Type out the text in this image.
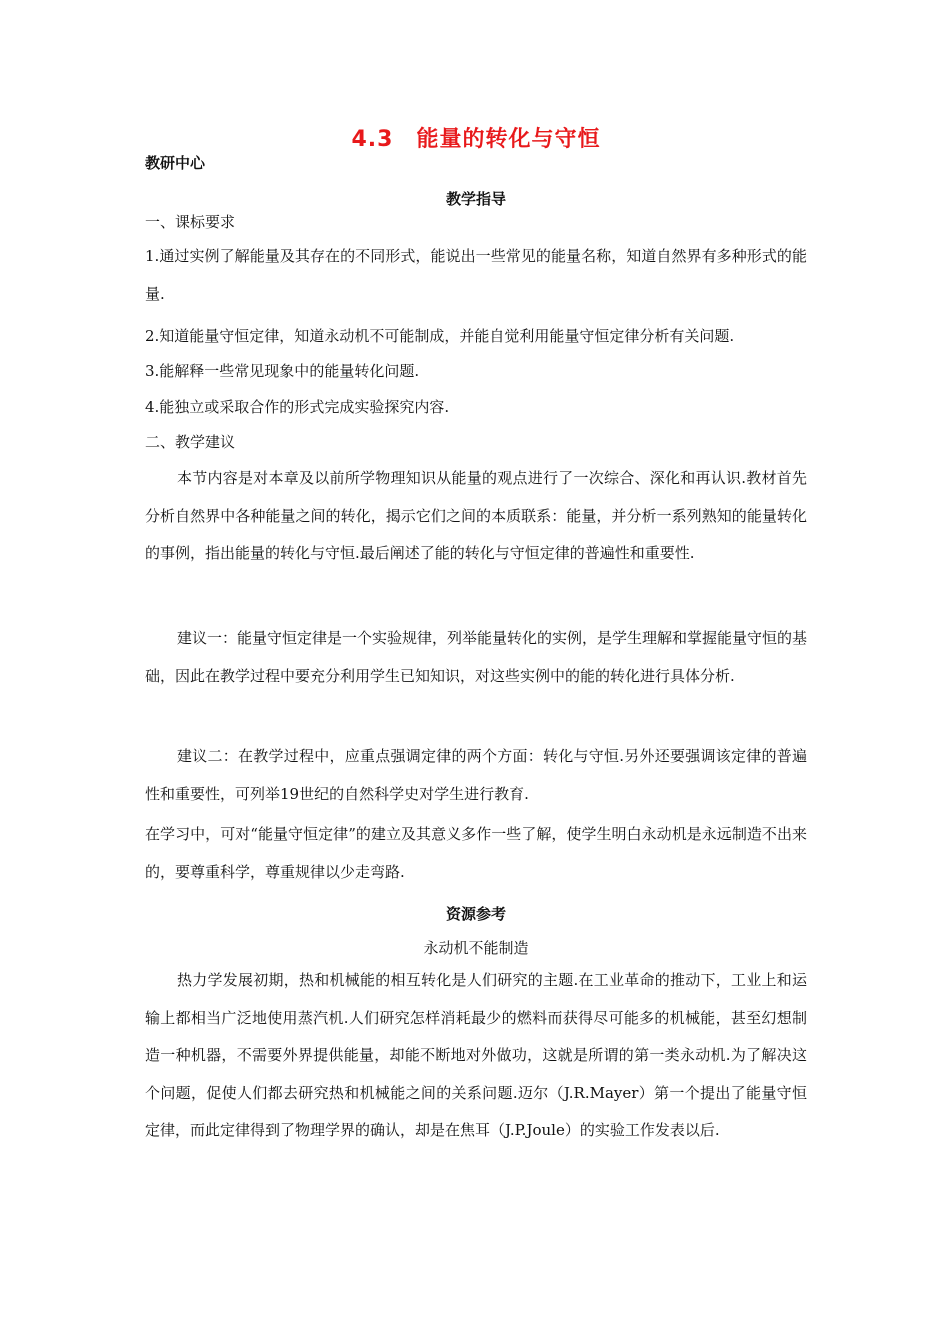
4.3　能量的转化与守恒
教研中心
教学指导
一、课标要求
1.通过实例了解能量及其存在的不同形式，能说出一些常见的能量名称，知道自然界有多种形式的能量.
2.知道能量守恒定律，知道永动机不可能制成，并能自觉利用能量守恒定律分析有关问题.
3.能解释一些常见现象中的能量转化问题.
4.能独立或采取合作的形式完成实验探究内容.
二、教学建议
本节内容是对本章及以前所学物理知识从能量的观点进行了一次综合、深化和再认识.教材首先分析自然界中各种能量之间的转化，揭示它们之间的本质联系：能量，并分析一系列熟知的能量转化的事例，指出能量的转化与守恒.最后阐述了能的转化与守恒定律的普遍性和重要性.
建议一：能量守恒定律是一个实验规律，列举能量转化的实例，是学生理解和掌握能量守恒的基础，因此在教学过程中要充分利用学生已知知识，对这些实例中的能的转化进行具体分析.
建议二：在教学过程中，应重点强调定律的两个方面：转化与守恒.另外还要强调该定律的普遍性和重要性，可列举19世纪的自然科学史对学生进行教育.
在学习中，可对“能量守恒定律”的建立及其意义多作一些了解，使学生明白永动机是永远制造不出来的，要尊重科学，尊重规律以少走弯路.
资源参考
永动机不能制造
热力学发展初期，热和机械能的相互转化是人们研究的主题.在工业革命的推动下，工业上和运输上都相当广泛地使用蒸汽机.人们研究怎样消耗最少的燃料而获得尽可能多的机械能，甚至幻想制造一种机器，不需要外界提供能量，却能不断地对外做功，这就是所谓的第一类永动机.为了解决这个问题，促使人们都去研究热和机械能之间的关系问题.迈尔（J.R.Mayer）第一个提出了能量守恒定律，而此定律得到了物理学界的确认，却是在焦耳（J.P.Joule）的实验工作发表以后.
